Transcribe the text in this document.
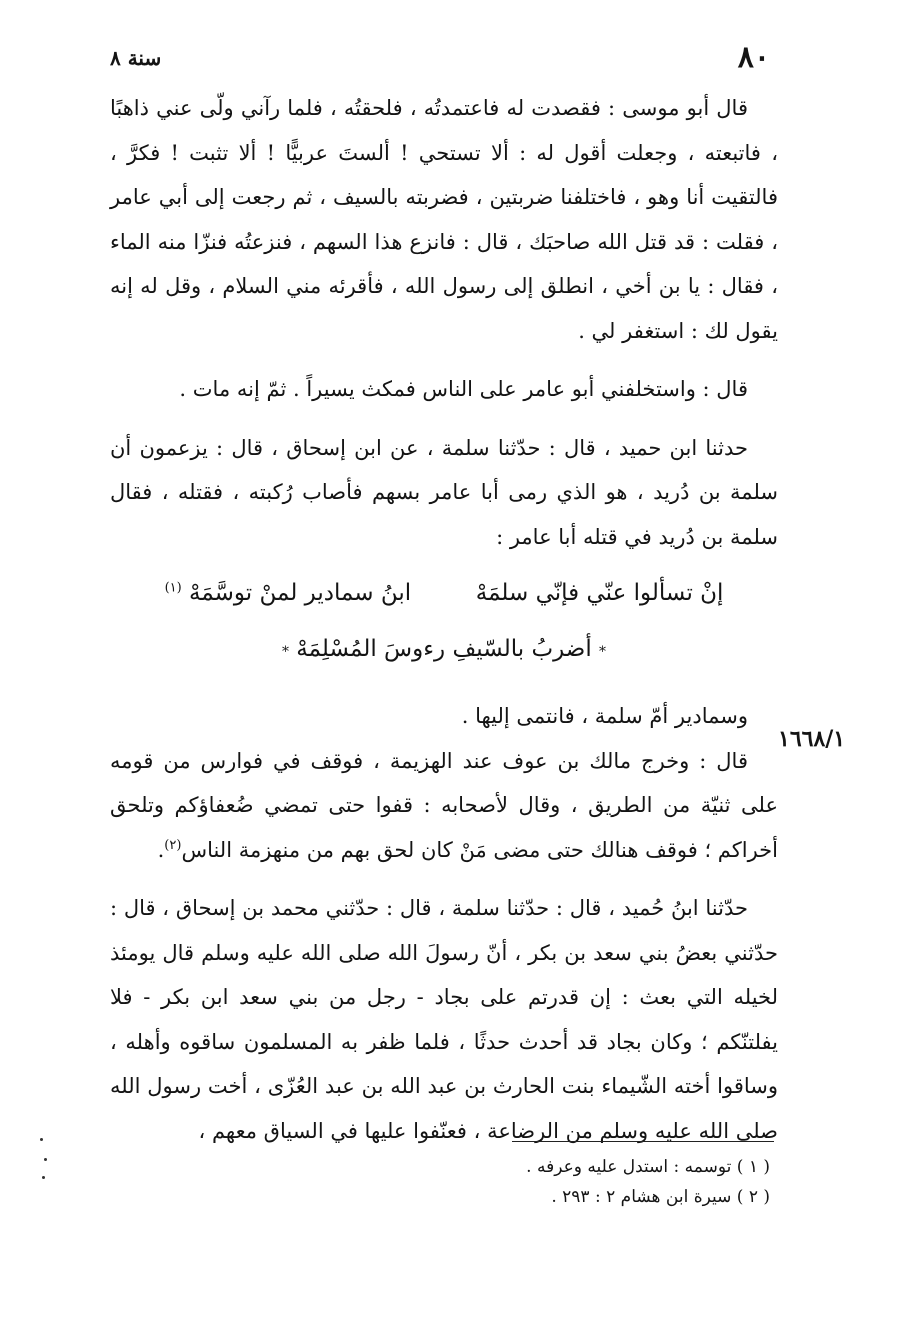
٨٠
سنة ٨
١٦٦٨/١

قال أبو موسى : فقصدت له فاعتمدتُه ، فلحقتُه ، فلما رآني ولّى عني ذاهبًا ، فاتبعته ، وجعلت أقول له : ألا تستحي ! ألستَ عربيًّا ! ألا تثبت ! فكرَّ ، فالتقيت أنا وهو ، فاختلفنا ضربتين ، فضربته بالسيف ، ثم رجعت إلى أبي عامر ، فقلت : قد قتل الله صاحبَك ، قال : فانزع هذا السهم ، فنزعتُه فنزّا منه الماء ، فقال : يا بن أخي ، انطلق إلى رسول الله ، فأقرئه مني السلام ، وقل له إنه يقول لك : استغفر لي .

قال : واستخلفني أبو عامر على الناس فمكث يسيراً . ثمّ إنه مات .

حدثنا ابن حميد ، قال : حدّثنا سلمة ، عن ابن إسحاق ، قال : يزعمون أن سلمة بن دُريد ، هو الذي رمى أبا عامر بسهم فأصاب رُكبته ، فقتله ، فقال سلمة بن دُريد في قتله أبا عامر :

إنْ تسألوا عنّي فإنّي سلمَهْ  ابنُ سمادير لمنْ توسَّمَهْ $^{(١)}$
* أضربُ بالسّيفِ رءوسَ المُسْلِمَهْ *

وسمادير أمّ سلمة ، فانتمى إليها .

قال : وخرج مالك بن عوف عند الهزيمة ، فوقف في فوارس من قومه على ثنيّة من الطريق ، وقال لأصحابه : قفوا حتى تمضي ضُعفاؤكم وتلحق أخراكم ؛ فوقف هنالك حتى مضى مَنْ كان لحق بهم من منهزمة الناس$^{(٢)}$.

حدّثنا ابنُ حُميد ، قال : حدّثنا سلمة ، قال : حدّثني محمد بن إسحاق ، قال : حدّثني بعضُ بني سعد بن بكر ، أنّ رسولَ الله صلى الله عليه وسلم قال يومئذ لخيله التي بعث : إن قدرتم على بجاد - رجل من بني سعد ابن بكر - فلا يفلتنّكم ؛ وكان بجاد قد أحدث حدثًا ، فلما ظفر به المسلمون ساقوه وأهله ، وساقوا أخته الشّيماء بنت الحارث بن عبد الله بن عبد العُزّى ، أخت رسول الله صلى الله عليه وسلم من الرضاعة ، فعنّفوا عليها في السياق معهم ،

( ١ ) توسمه : استدل عليه وعرفه .
( ٢ ) سيرة ابن هشام ٢ : ٢٩٣ .
